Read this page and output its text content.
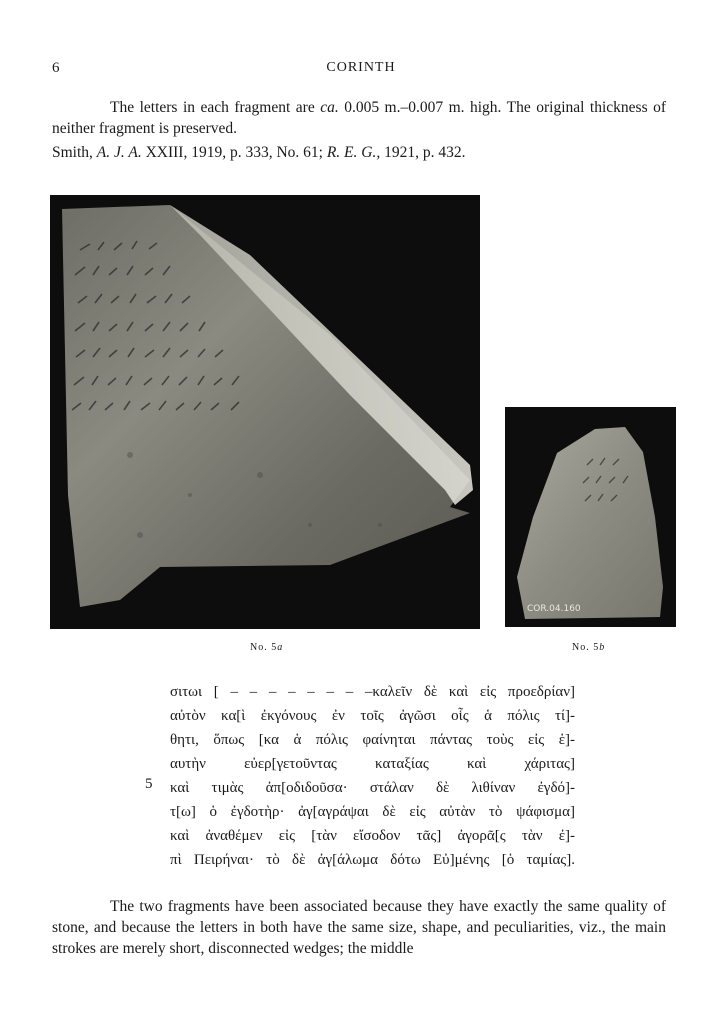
6	CORINTH
The letters in each fragment are ca. 0.005 m.–0.007 m. high. The original thickness of neither fragment is preserved.
Smith, A. J. A. XXIII, 1919, p. 333, No. 61; R. E. G., 1921, p. 432.
COR.04.160
No. 5a	No. 5b
5
σιτωι [ – – – – – – – –καλεῖν δὲ καὶ εἰς προεδρίαν]
αὐτὸν κα[ὶ ἐκγόνους ἐν τοῖς ἀγῶσι οἷς ἁ πόλις τί]-
θητι, ὅπως [κα ἁ πόλις φαίνηται πάντας τοὺς εἰς ἑ]-
αυτὴν εὐερ[γετοῦντας καταξίας καὶ χάριτας]
καὶ τιμὰς ἀπ[οδιδοῦσα· στάλαν δὲ λιθίναν ἐγδό]-
τ[ω] ὁ ἐγδοτὴρ· ἀγ[αγράψαι δὲ εἰς αὐτὰν τὸ ψάφισμα]
καὶ ἀναθέμεν εἰς [τὰν εἴσοδον τᾶς] ἀγορᾶ[ς τὰν ἐ]-
πὶ Πειρήναι· τὸ δὲ ἀγ[άλωμα δότω Εὐ]μένης [ὁ ταμίας].
The two fragments have been associated because they have exactly the same quality of stone, and because the letters in both have the same size, shape, and peculiarities, viz., the main strokes are merely short, disconnected wedges; the middle
